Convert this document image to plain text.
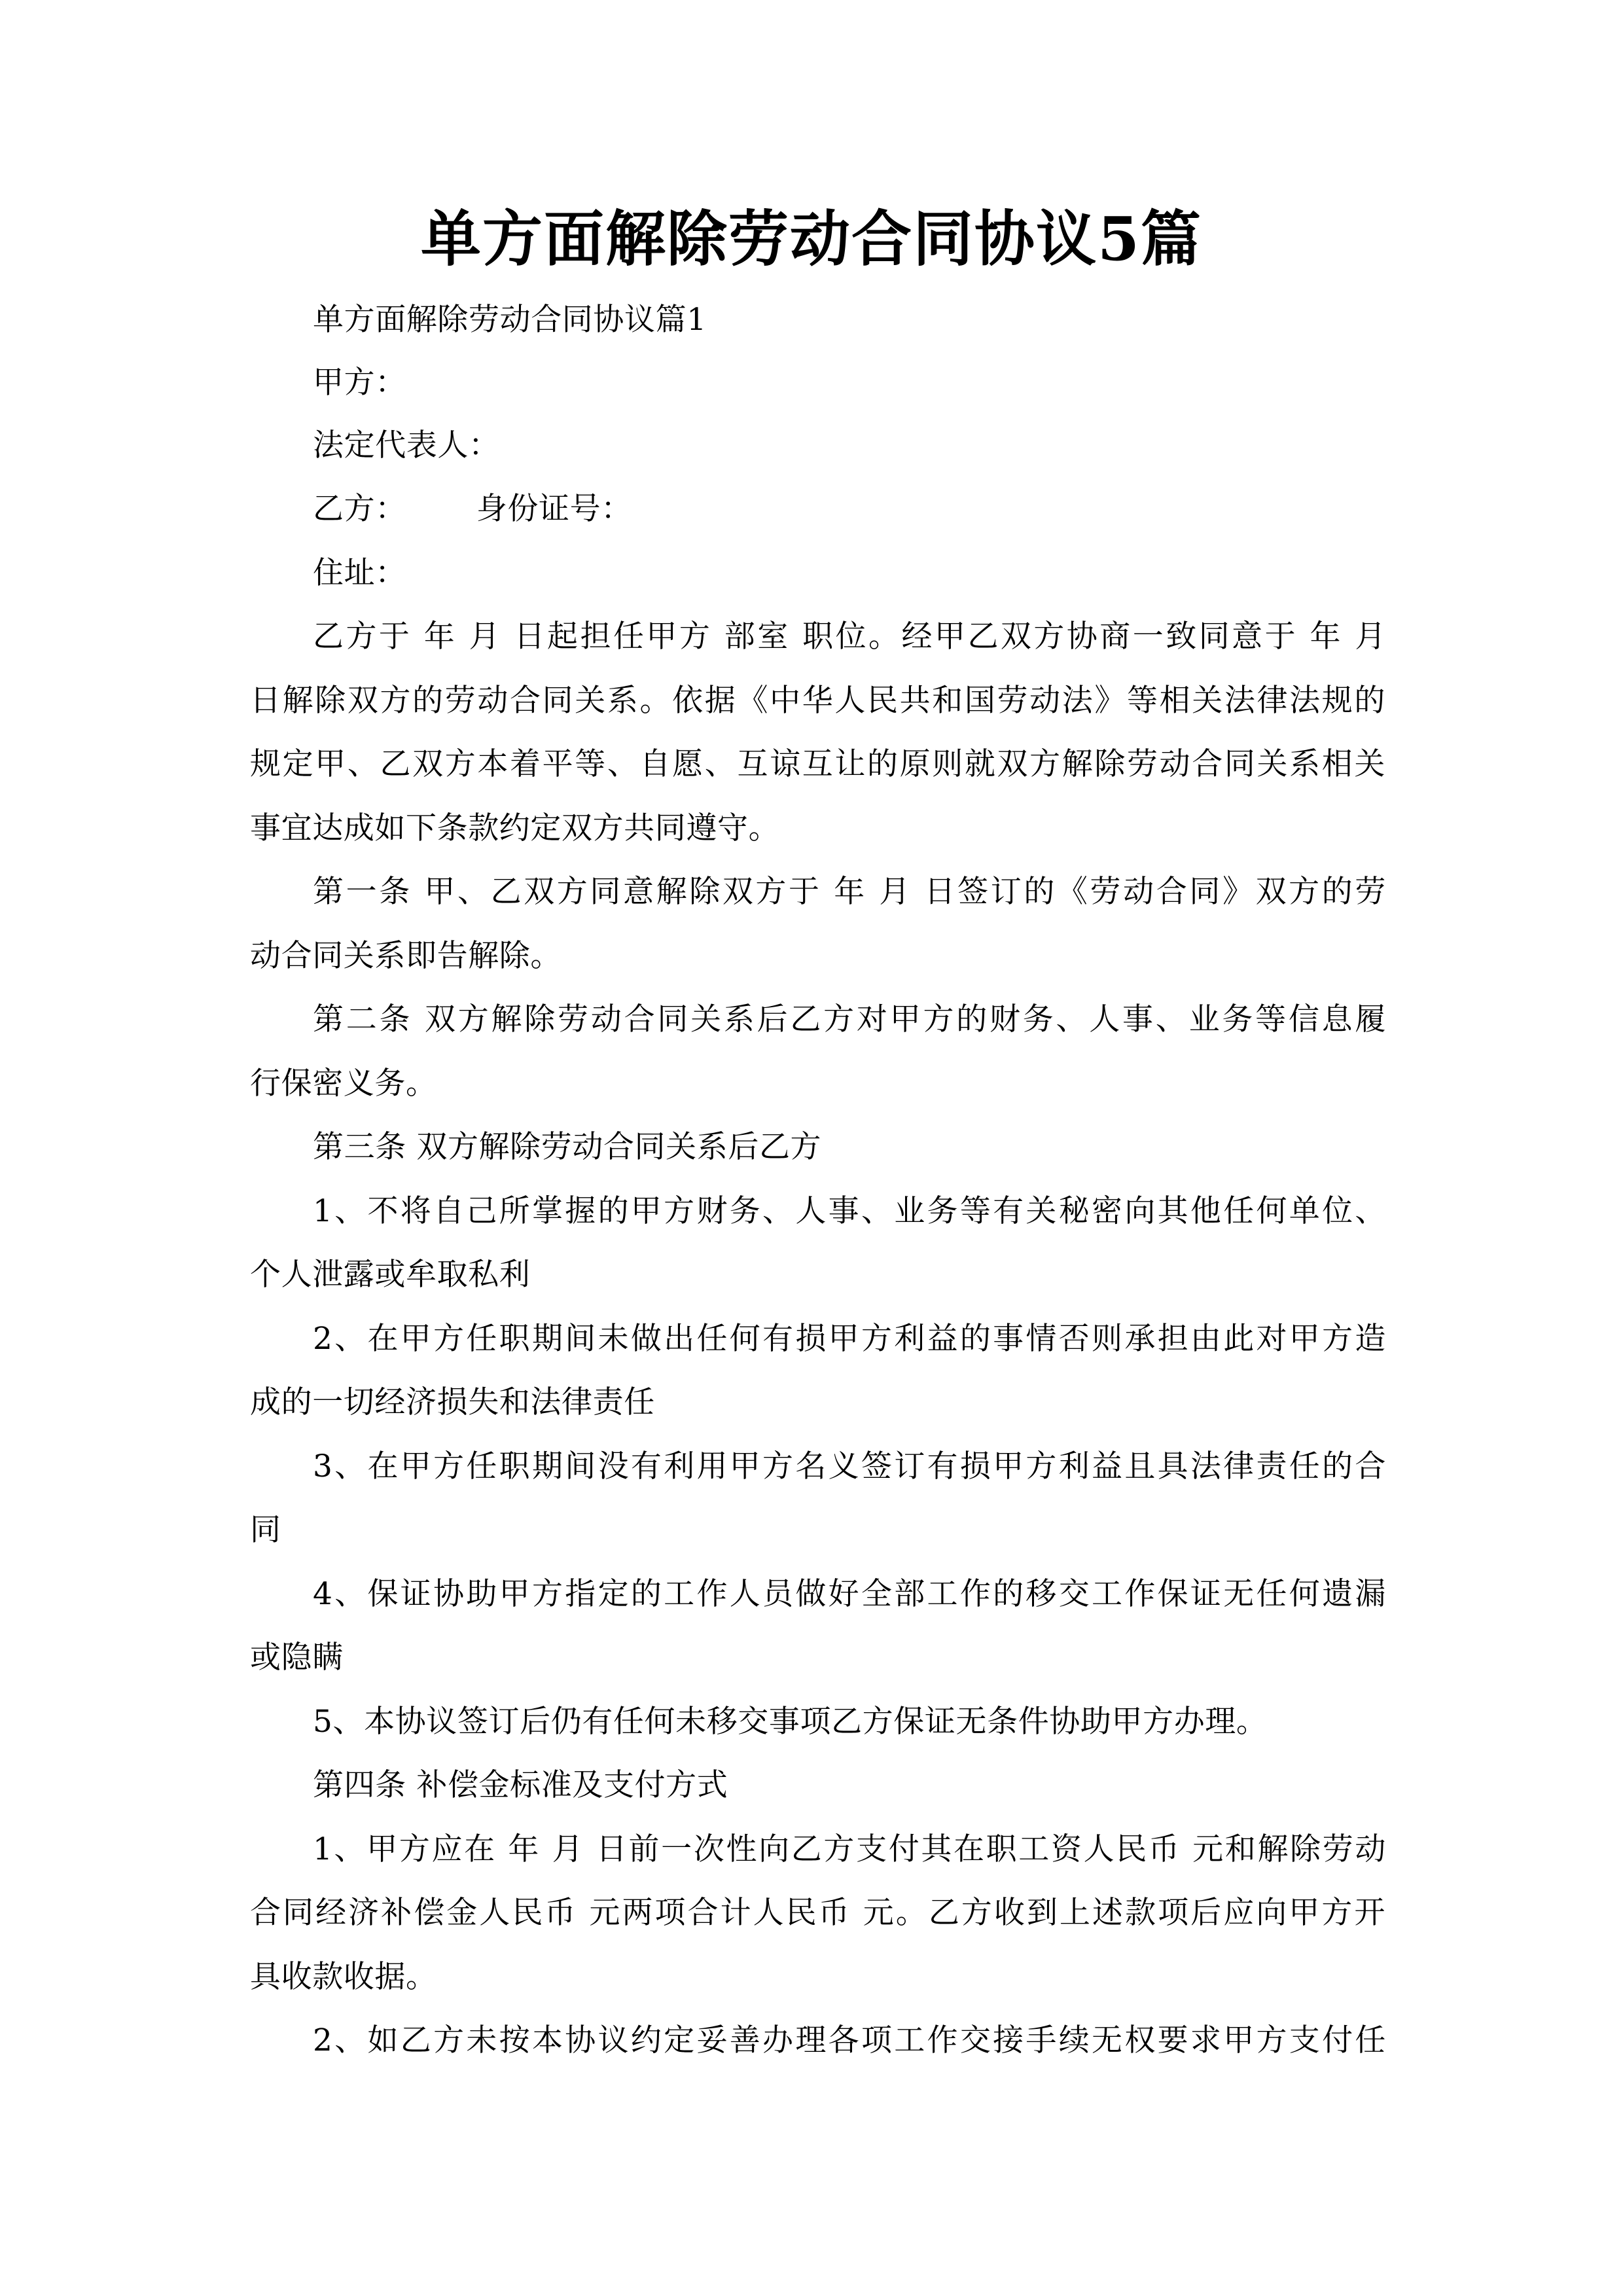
单方面解除劳动合同协议5篇
单方面解除劳动合同协议篇1
甲方：
法定代表人：
乙方： 身份证号：
住址：
乙方于 年 月 日起担任甲方 部室 职位。经甲乙双方协商一致同意于 年 月
日解除双方的劳动合同关系。依据《中华人民共和国劳动法》等相关法律法规的
规定甲、乙双方本着平等、自愿、互谅互让的原则就双方解除劳动合同关系相关
事宜达成如下条款约定双方共同遵守。
第一条 甲、乙双方同意解除双方于 年 月 日签订的《劳动合同》双方的劳
动合同关系即告解除。
第二条 双方解除劳动合同关系后乙方对甲方的财务、人事、业务等信息履
行保密义务。
第三条 双方解除劳动合同关系后乙方
1、不将自己所掌握的甲方财务、人事、业务等有关秘密向其他任何单位、
个人泄露或牟取私利
2、在甲方任职期间未做出任何有损甲方利益的事情否则承担由此对甲方造
成的一切经济损失和法律责任
3、在甲方任职期间没有利用甲方名义签订有损甲方利益且具法律责任的合
同
4、保证协助甲方指定的工作人员做好全部工作的移交工作保证无任何遗漏
或隐瞒
5、本协议签订后仍有任何未移交事项乙方保证无条件协助甲方办理。
第四条 补偿金标准及支付方式
1、甲方应在 年 月 日前一次性向乙方支付其在职工资人民币 元和解除劳动
合同经济补偿金人民币 元两项合计人民币 元。乙方收到上述款项后应向甲方开
具收款收据。
2、如乙方未按本协议约定妥善办理各项工作交接手续无权要求甲方支付任
